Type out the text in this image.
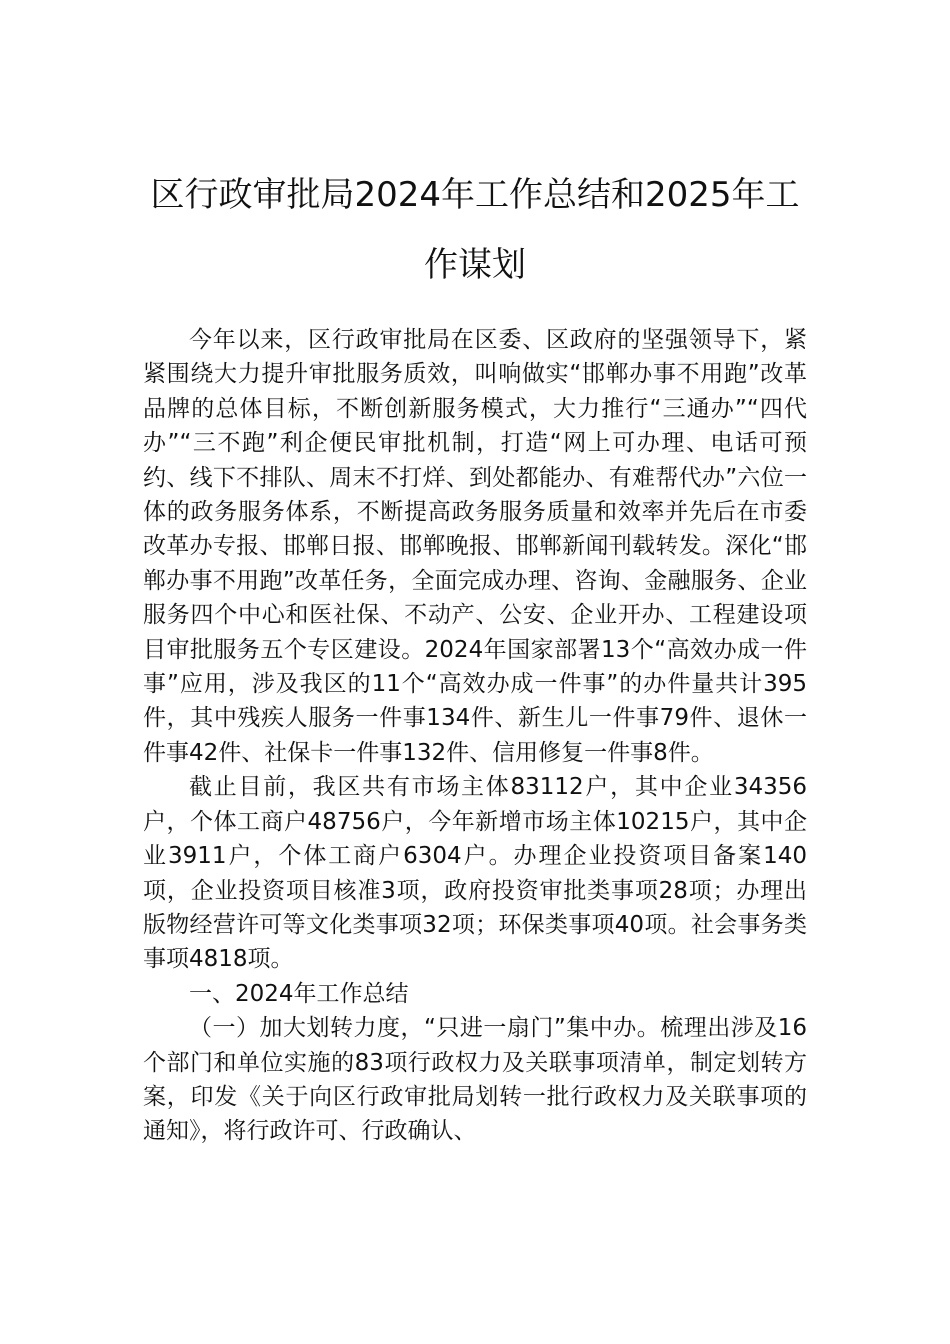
区行政审批局2024年工作总结和2025年工作谋划

今年以来，区行政审批局在区委、区政府的坚强领导下，紧紧围绕大力提升审批服务质效，叫响做实“邯郸办事不用跑”改革品牌的总体目标，不断创新服务模式，大力推行“三通办”“四代办”“三不跑”利企便民审批机制，打造“网上可办理、电话可预约、线下不排队、周末不打烊、到处都能办、有难帮代办”六位一体的政务服务体系，不断提高政务服务质量和效率并先后在市委改革办专报、邯郸日报、邯郸晚报、邯郸新闻刊载转发。深化“邯郸办事不用跑”改革任务，全面完成办理、咨询、金融服务、企业服务四个中心和医社保、不动产、公安、企业开办、工程建设项目审批服务五个专区建设。2024年国家部署13个“高效办成一件事”应用，涉及我区的11个“高效办成一件事”的办件量共计395件，其中残疾人服务一件事134件、新生儿一件事79件、退休一件事42件、社保卡一件事132件、信用修复一件事8件。

截止目前，我区共有市场主体83112户，其中企业34356户，个体工商户48756户，今年新增市场主体10215户，其中企业3911户，个体工商户6304户。办理企业投资项目备案140项，企业投资项目核准3项，政府投资审批类事项28项；办理出版物经营许可等文化类事项32项；环保类事项40项。社会事务类事项4818项。

一、2024年工作总结

（一）加大划转力度，“只进一扇门”集中办。梳理出涉及16个部门和单位实施的83项行政权力及关联事项清单，制定划转方案，印发《关于向区行政审批局划转一批行政权力及关联事项的通知》，将行政许可、行政确认、
